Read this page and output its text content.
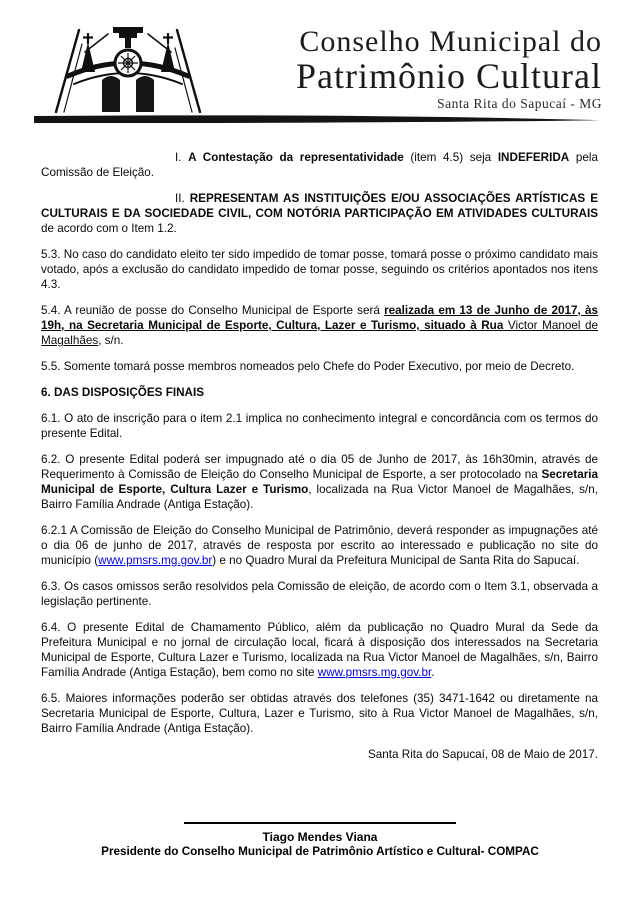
Conselho Municipal do
Patrimônio Cultural
Santa Rita do Sapucaí - MG

I. A Contestação da representatividade (item 4.5) seja INDEFERIDA pela Comissão de Eleição.

II. REPRESENTAM AS INSTITUIÇÕES E/OU ASSOCIAÇÕES ARTÍSTICAS E CULTURAIS E DA SOCIEDADE CIVIL, COM NOTÓRIA PARTICIPAÇÃO EM ATIVIDADES CULTURAIS de acordo com o Item 1.2.

5.3. No caso do candidato eleito ter sido impedido de tomar posse, tomará posse o próximo candidato mais votado, após a exclusão do candidato impedido de tomar posse, seguindo os critérios apontados nos itens 4.3.

5.4. A reunião de posse do Conselho Municipal de Esporte será realizada em 13 de Junho de 2017, às 19h, na Secretaria Municipal de Esporte, Cultura, Lazer e Turismo, situado à Rua Victor Manoel de Magalhães, s/n.

5.5. Somente tomará posse membros nomeados pelo Chefe do Poder Executivo, por meio de Decreto.

6. DAS DISPOSIÇÕES FINAIS

6.1. O ato de inscrição para o item 2.1 implica no conhecimento integral e concordância com os termos do presente Edital.

6.2. O presente Edital poderá ser impugnado até o dia 05 de Junho de 2017, às 16h30min, através de Requerimento à Comissão de Eleição do Conselho Municipal de Esporte, a ser protocolado na Secretaria Municipal de Esporte, Cultura Lazer e Turismo, localizada na Rua Victor Manoel de Magalhães, s/n, Bairro Família Andrade (Antiga Estação).

6.2.1 A Comissão de Eleição do Conselho Municipal de Patrimônio, deverá responder as impugnações até o dia 06 de junho de 2017, através de resposta por escrito ao interessado e publicação no site do município (www.pmsrs.mg.gov.br) e no Quadro Mural da Prefeitura Municipal de Santa Rita do Sapucaí.

6.3. Os casos omissos serão resolvidos pela Comissão de eleição, de acordo com o Item 3.1, observada a legislação pertinente.

6.4. O presente Edital de Chamamento Público, além da publicação no Quadro Mural da Sede da Prefeitura Municipal e no jornal de circulação local, ficará à disposição dos interessados na Secretaria Municipal de Esporte, Cultura Lazer e Turismo, localizada na Rua Victor Manoel de Magalhães, s/n, Bairro Família Andrade (Antiga Estação), bem como no site www.pmsrs.mg.gov.br.

6.5. Maiores informações poderão ser obtidas através dos telefones (35) 3471-1642 ou diretamente na Secretaria Municipal de Esporte, Cultura, Lazer e Turismo, sito à Rua Victor Manoel de Magalhães, s/n, Bairro Família Andrade (Antiga Estação).

Santa Rita do Sapucaí, 08 de Maio de 2017.

Tiago Mendes Viana
Presidente do Conselho Municipal de Patrimônio Artístico e Cultural- COMPAC
